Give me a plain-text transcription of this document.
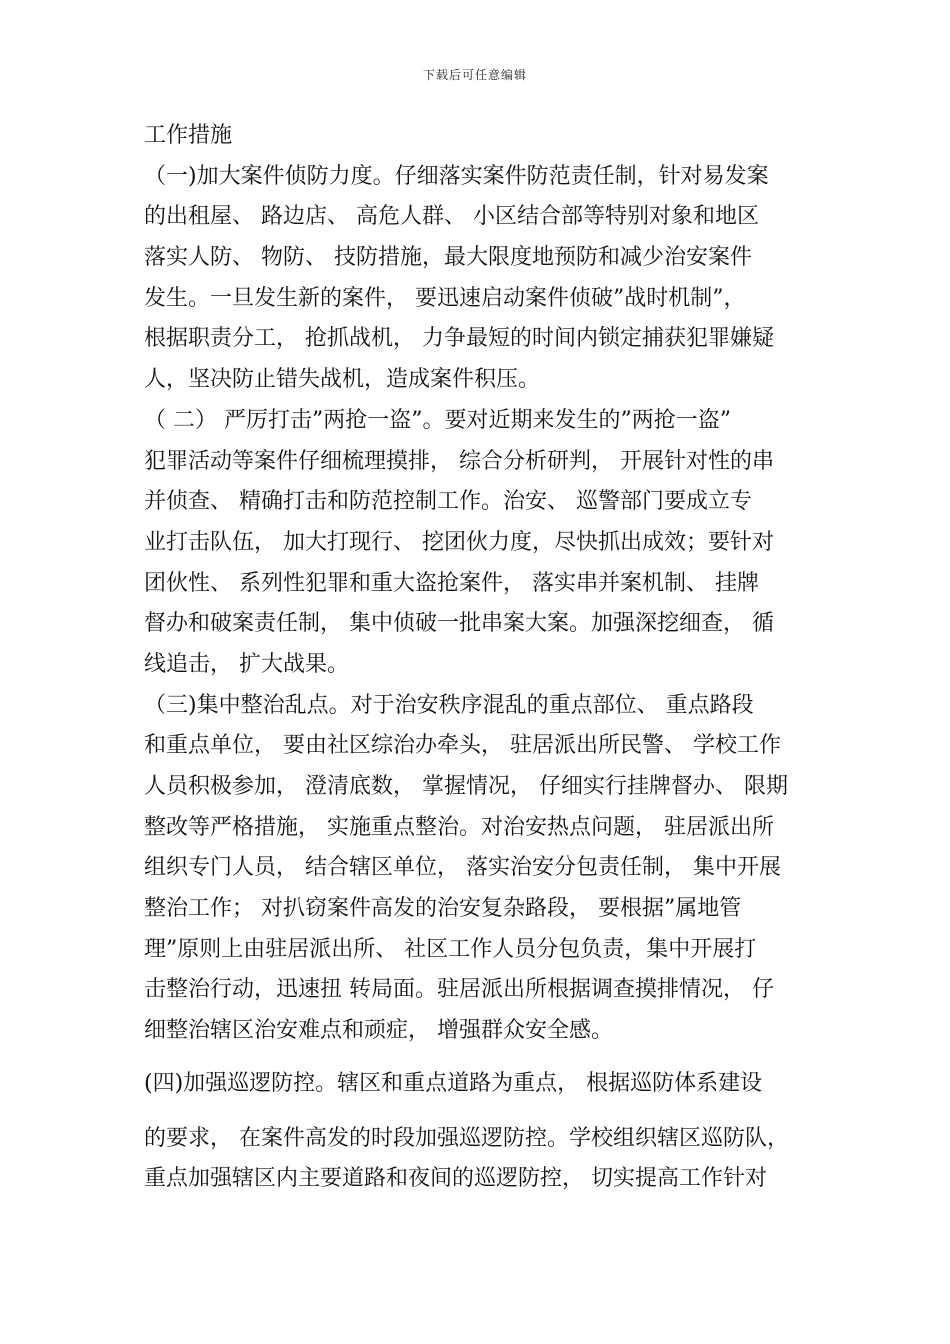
下载后可任意编辑
工作措施
（一)加大案件侦防力度。仔细落实案件防范责任制，针对易发案
的出租屋、 路边店、 高危人群、 小区结合部等特别对象和地区
落实人防、 物防、 技防措施，最大限度地预防和减少治安案件
发生。一旦发生新的案件， 要迅速启动案件侦破”战时机制”，
根据职责分工， 抢抓战机， 力争最短的时间内锁定捕获犯罪嫌疑
人，坚决防止错失战机，造成案件积压。
（ 二） 严厉打击”两抢一盗”。要对近期来发生的”两抢一盗”
犯罪活动等案件仔细梳理摸排， 综合分析研判， 开展针对性的串
并侦查、 精确打击和防范控制工作。治安、 巡警部门要成立专
业打击队伍， 加大打现行、 挖团伙力度，尽快抓出成效；要针对
团伙性、 系列性犯罪和重大盗抢案件， 落实串并案机制、 挂牌
督办和破案责任制， 集中侦破一批串案大案。加强深挖细查， 循
线追击， 扩大战果。
（三)集中整治乱点。对于治安秩序混乱的重点部位、 重点路段
和重点单位， 要由社区综治办牵头， 驻居派出所民警、 学校工作
人员积极参加， 澄清底数， 掌握情况， 仔细实行挂牌督办、 限期
整改等严格措施， 实施重点整治。对治安热点问题， 驻居派出所
组织专门人员， 结合辖区单位， 落实治安分包责任制， 集中开展
整治工作； 对扒窃案件高发的治安复杂路段， 要根据”属地管
理”原则上由驻居派出所、 社区工作人员分包负责，集中开展打
击整治行动，迅速扭 转局面。驻居派出所根据调查摸排情况， 仔
细整治辖区治安难点和顽症， 增强群众安全感。
(四)加强巡逻防控。辖区和重点道路为重点， 根据巡防体系建设
的要求， 在案件高发的时段加强巡逻防控。学校组织辖区巡防队，
重点加强辖区内主要道路和夜间的巡逻防控， 切实提高工作针对
